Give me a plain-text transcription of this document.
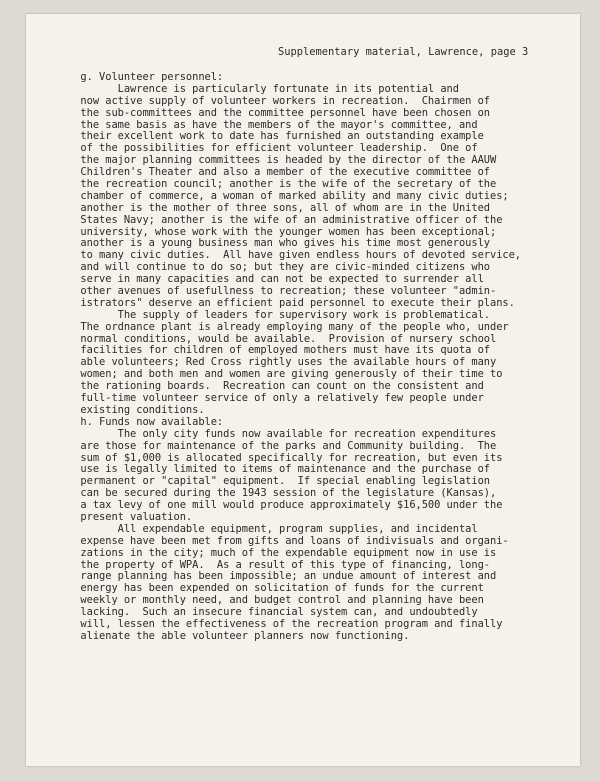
Supplementary material, Lawrence, page 3
g. Volunteer personnel:
Lawrence is particularly fortunate in its potential and
now active supply of volunteer workers in recreation.  Chairmen of
the sub-committees and the committee personnel have been chosen on
the same basis as have the members of the mayor's committee, and
their excellent work to date has furnished an outstanding example
of the possibilities for efficient volunteer leadership.  One of
the major planning committees is headed by the director of the AAUW
Children's Theater and also a member of the executive committee of
the recreation council; another is the wife of the secretary of the
chamber of commerce, a woman of marked ability and many civic duties;
another is the mother of three sons, all of whom are in the United
States Navy; another is the wife of an administrative officer of the
university, whose work with the younger women has been exceptional;
another is a young business man who gives his time most generously
to many civic duties.  All have given endless hours of devoted service,
and will continue to do so; but they are civic-minded citizens who
serve in many capacities and can not be expected to surrender all
other avenues of usefullness to recreation; these volunteer "admin-
istrators" deserve an efficient paid personnel to execute their plans.
The supply of leaders for supervisory work is problematical.
The ordnance plant is already employing many of the people who, under
normal conditions, would be available.  Provision of nursery school
facilities for children of employed mothers must have its quota of
able volunteers; Red Cross rightly uses the available hours of many
women; and both men and women are giving generously of their time to
the rationing boards.  Recreation can count on the consistent and
full-time volunteer service of only a relatively few people under
existing conditions.
h. Funds now available:
The only city funds now available for recreation expenditures
are those for maintenance of the parks and Community building.  The
sum of $1,000 is allocated specifically for recreation, but even its
use is legally limited to items of maintenance and the purchase of
permanent or "capital" equipment.  If special enabling legislation
can be secured during the 1943 session of the legislature (Kansas),
a tax levy of one mill would produce approximately $16,500 under the
present valuation.
All expendable equipment, program supplies, and incidental
expense have been met from gifts and loans of indivisuals and organi-
zations in the city; much of the expendable equipment now in use is
the property of WPA.  As a result of this type of financing, long-
range planning has been impossible; an undue amount of interest and
energy has been expended on solicitation of funds for the current
weekly or monthly need, and budget control and planning have been
lacking.  Such an insecure financial system can, and undoubtedly
will, lessen the effectiveness of the recreation program and finally
alienate the able volunteer planners now functioning.
